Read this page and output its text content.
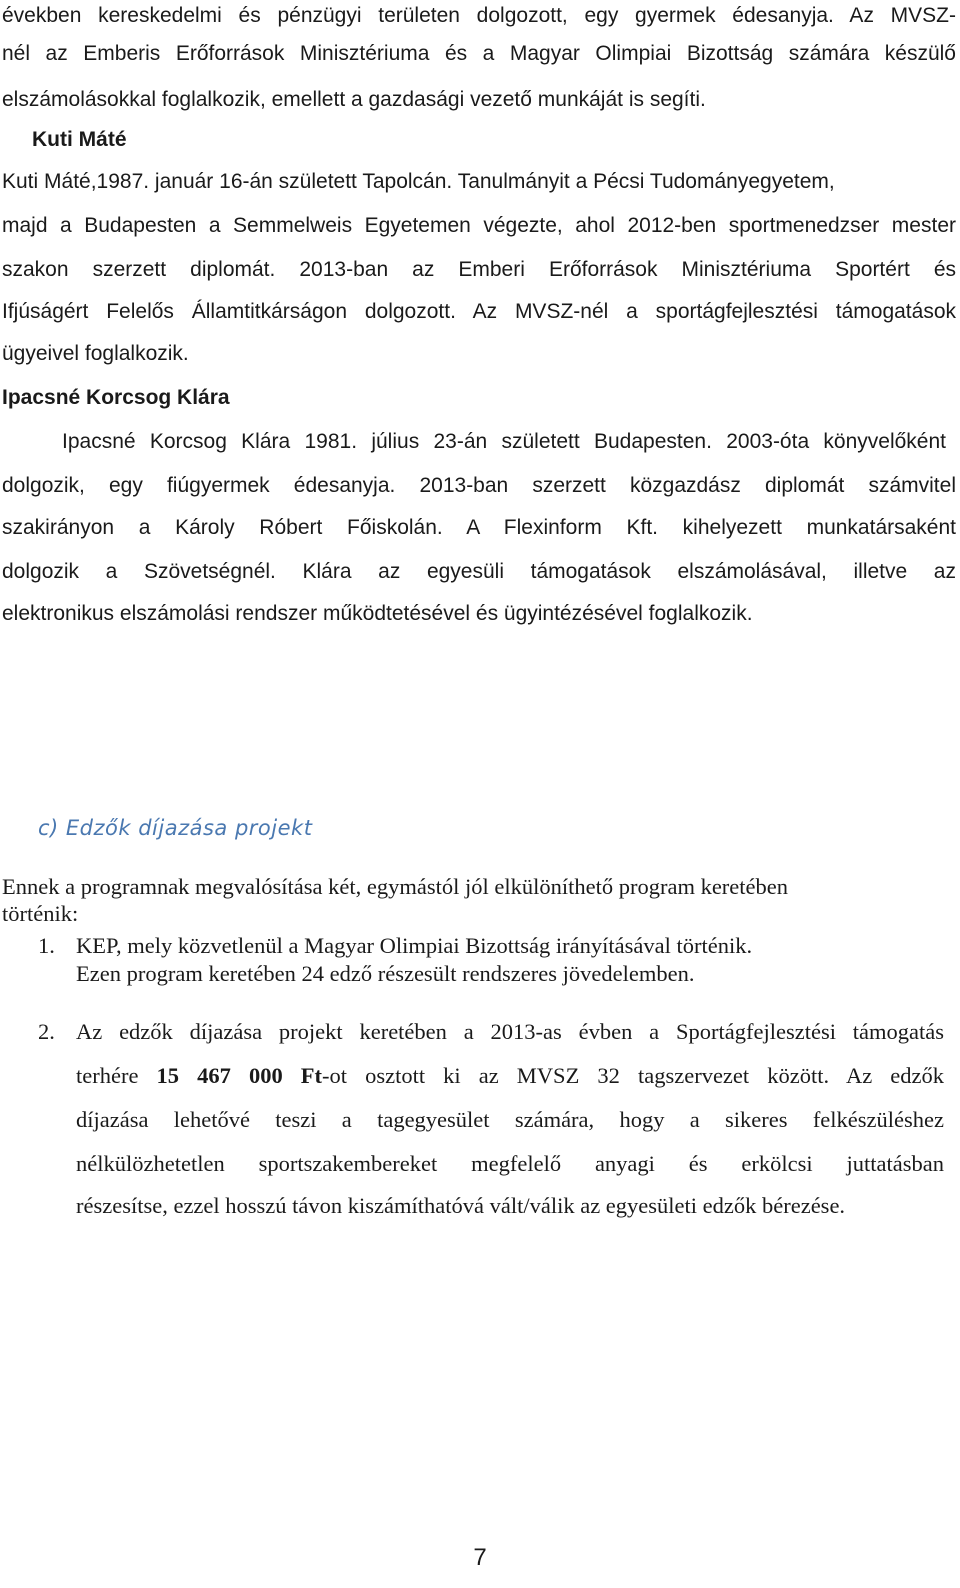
években kereskedelmi és pénzügyi területen dolgozott, egy gyermek édesanyja. Az MVSZ-
nél az Emberis Erőforrások Minisztériuma és a Magyar Olimpiai Bizottság számára készülő
elszámolásokkal foglalkozik, emellett a gazdasági vezető munkáját is segíti.
Kuti Máté
Kuti Máté,1987. január 16-án született Tapolcán. Tanulmányit a Pécsi Tudományegyetem,
majd a Budapesten a Semmelweis Egyetemen végezte, ahol 2012-ben sportmenedzser mester
szakon szerzett diplomát. 2013-ban az Emberi Erőforrások Minisztériuma Sportért és
Ifjúságért Felelős Államtitkárságon dolgozott. Az MVSZ-nél a sportágfejlesztési támogatások
ügyeivel foglalkozik.
Ipacsné Korcsog Klára
Ipacsné Korcsog Klára 1981. július 23-án született Budapesten. 2003-óta könyvelőként
dolgozik, egy fiúgyermek édesanyja. 2013-ban szerzett közgazdász diplomát számvitel
szakirányon a Károly Róbert Főiskolán. A Flexinform Kft. kihelyezett munkatársaként
dolgozik a Szövetségnél. Klára az egyesüli támogatások elszámolásával, illetve az
elektronikus elszámolási rendszer működtetésével és ügyintézésével foglalkozik.
c) Edzők díjazása projekt
Ennek a programnak megvalósítása két, egymástól jól elkülöníthető program keretében
történik:
1. KEP, mely közvetlenül a Magyar Olimpiai Bizottság irányításával történik.
Ezen program keretében 24 edző részesült rendszeres jövedelemben.
2. Az edzők díjazása projekt keretében a 2013-as évben a Sportágfejlesztési támogatás
terhére 15 467 000 Ft-ot osztott ki az MVSZ 32 tagszervezet között. Az edzők
díjazása lehetővé teszi a tagegyesület számára, hogy a sikeres felkészüléshez
nélkülözhetetlen sportszakembereket megfelelő anyagi és erkölcsi juttatásban
részesítse, ezzel hosszú távon kiszámíthatóvá vált/válik az egyesületi edzők bérezése.
7
